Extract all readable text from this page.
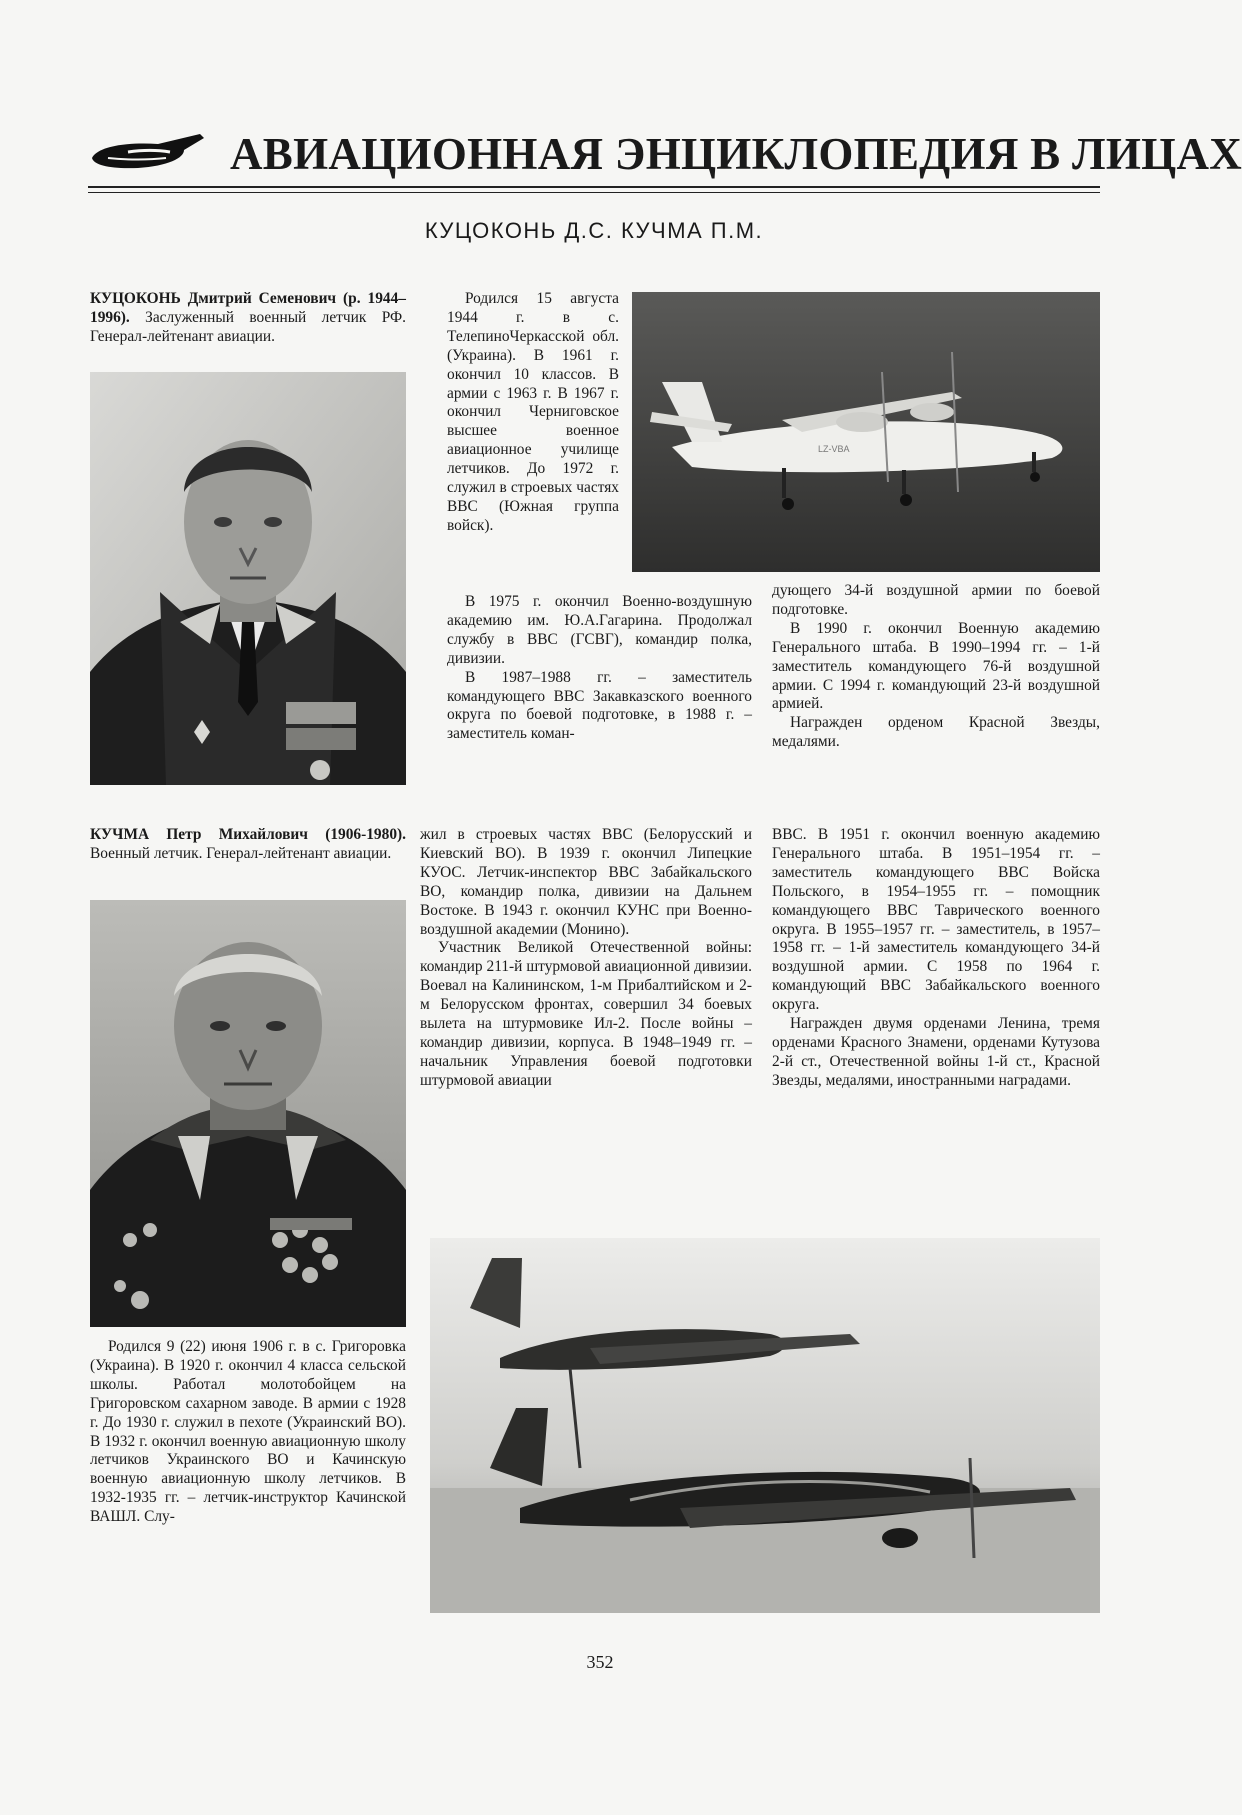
АВИАЦИОННАЯ ЭНЦИКЛОПЕДИЯ В ЛИЦАХ
КУЦОКОНЬ Д.С. КУЧМА П.М.
КУЦОКОНЬ Дмитрий Семенович (р. 1944–1996). Заслуженный военный летчик РФ. Генерал-лейтенант авиации.

Родился 15 августа 1944 г. в с. ТелепиноЧеркасской обл. (Украина). В 1961 г. окончил 10 классов. В армии с 1963 г. В 1967 г. окончил Черниговское высшее военное авиационное училище летчиков. До 1972 г. служил в строевых частях ВВС (Южная группа войск).

LZ-VBA

В 1975 г. окончил Военно-воздушную академию им. Ю.А.Гагарина. Продолжал службу в ВВС (ГСВГ), командир полка, дивизии.

В 1987–1988 гг. – заместитель командующего ВВС Закавказского военного округа по боевой подготовке, в 1988 г. – заместитель коман-

дующего 34-й воздушной армии по боевой подготовке.

В 1990 г. окончил Военную академию Генерального штаба. В 1990–1994 гг. – 1-й заместитель командующего 76-й воздушной армии. С 1994 г. командующий 23-й воздушной армией.

Награжден орденом Красной Звезды, медалями.

КУЧМА Петр Михайлович (1906-1980). Военный летчик. Генерал-лейтенант авиации.

Родился 9 (22) июня 1906 г. в с. Григоровка (Украина). В 1920 г. окончил 4 класса сельской школы. Работал молотобойцем на Григоровском сахарном заводе. В армии с 1928 г. До 1930 г. служил в пехоте (Украинский ВО). В 1932 г. окончил военную авиационную школу летчиков Украинского ВО и Качинскую военную авиационную школу летчиков. В 1932-1935 гг. – летчик-инструктор Качинской ВАШЛ. Слу-

жил в строевых частях ВВС (Белорусский и Киевский ВО). В 1939 г. окончил Липецкие КУОС. Летчик-инспектор ВВС Забайкальского ВО, командир полка, дивизии на Дальнем Востоке. В 1943 г. окончил КУНС при Военно-воздушной академии (Монино).

Участник Великой Отечественной войны: командир 211-й штурмовой авиационной дивизии. Воевал на Калининском, 1-м Прибалтийском и 2-м Белорусском фронтах, совершил 34 боевых вылета на штурмовике Ил-2. После войны – командир дивизии, корпуса. В 1948–1949 гг. – начальник Управления боевой подготовки штурмовой авиации

ВВС. В 1951 г. окончил военную академию Генерального штаба. В 1951–1954 гг. – заместитель командующего ВВС Войска Польского, в 1954–1955 гг. – помощник командующего ВВС Таврического военного округа. В 1955–1957 гг. – заместитель, в 1957–1958 гг. – 1-й заместитель командующего 34-й воздушной армии. С 1958 по 1964 г. командующий ВВС Забайкальского военного округа.

Награжден двумя орденами Ленина, тремя орденами Красного Знамени, орденами Кутузова 2-й ст., Отечественной войны 1-й ст., Красной Звезды, медалями, иностранными наградами.

352
